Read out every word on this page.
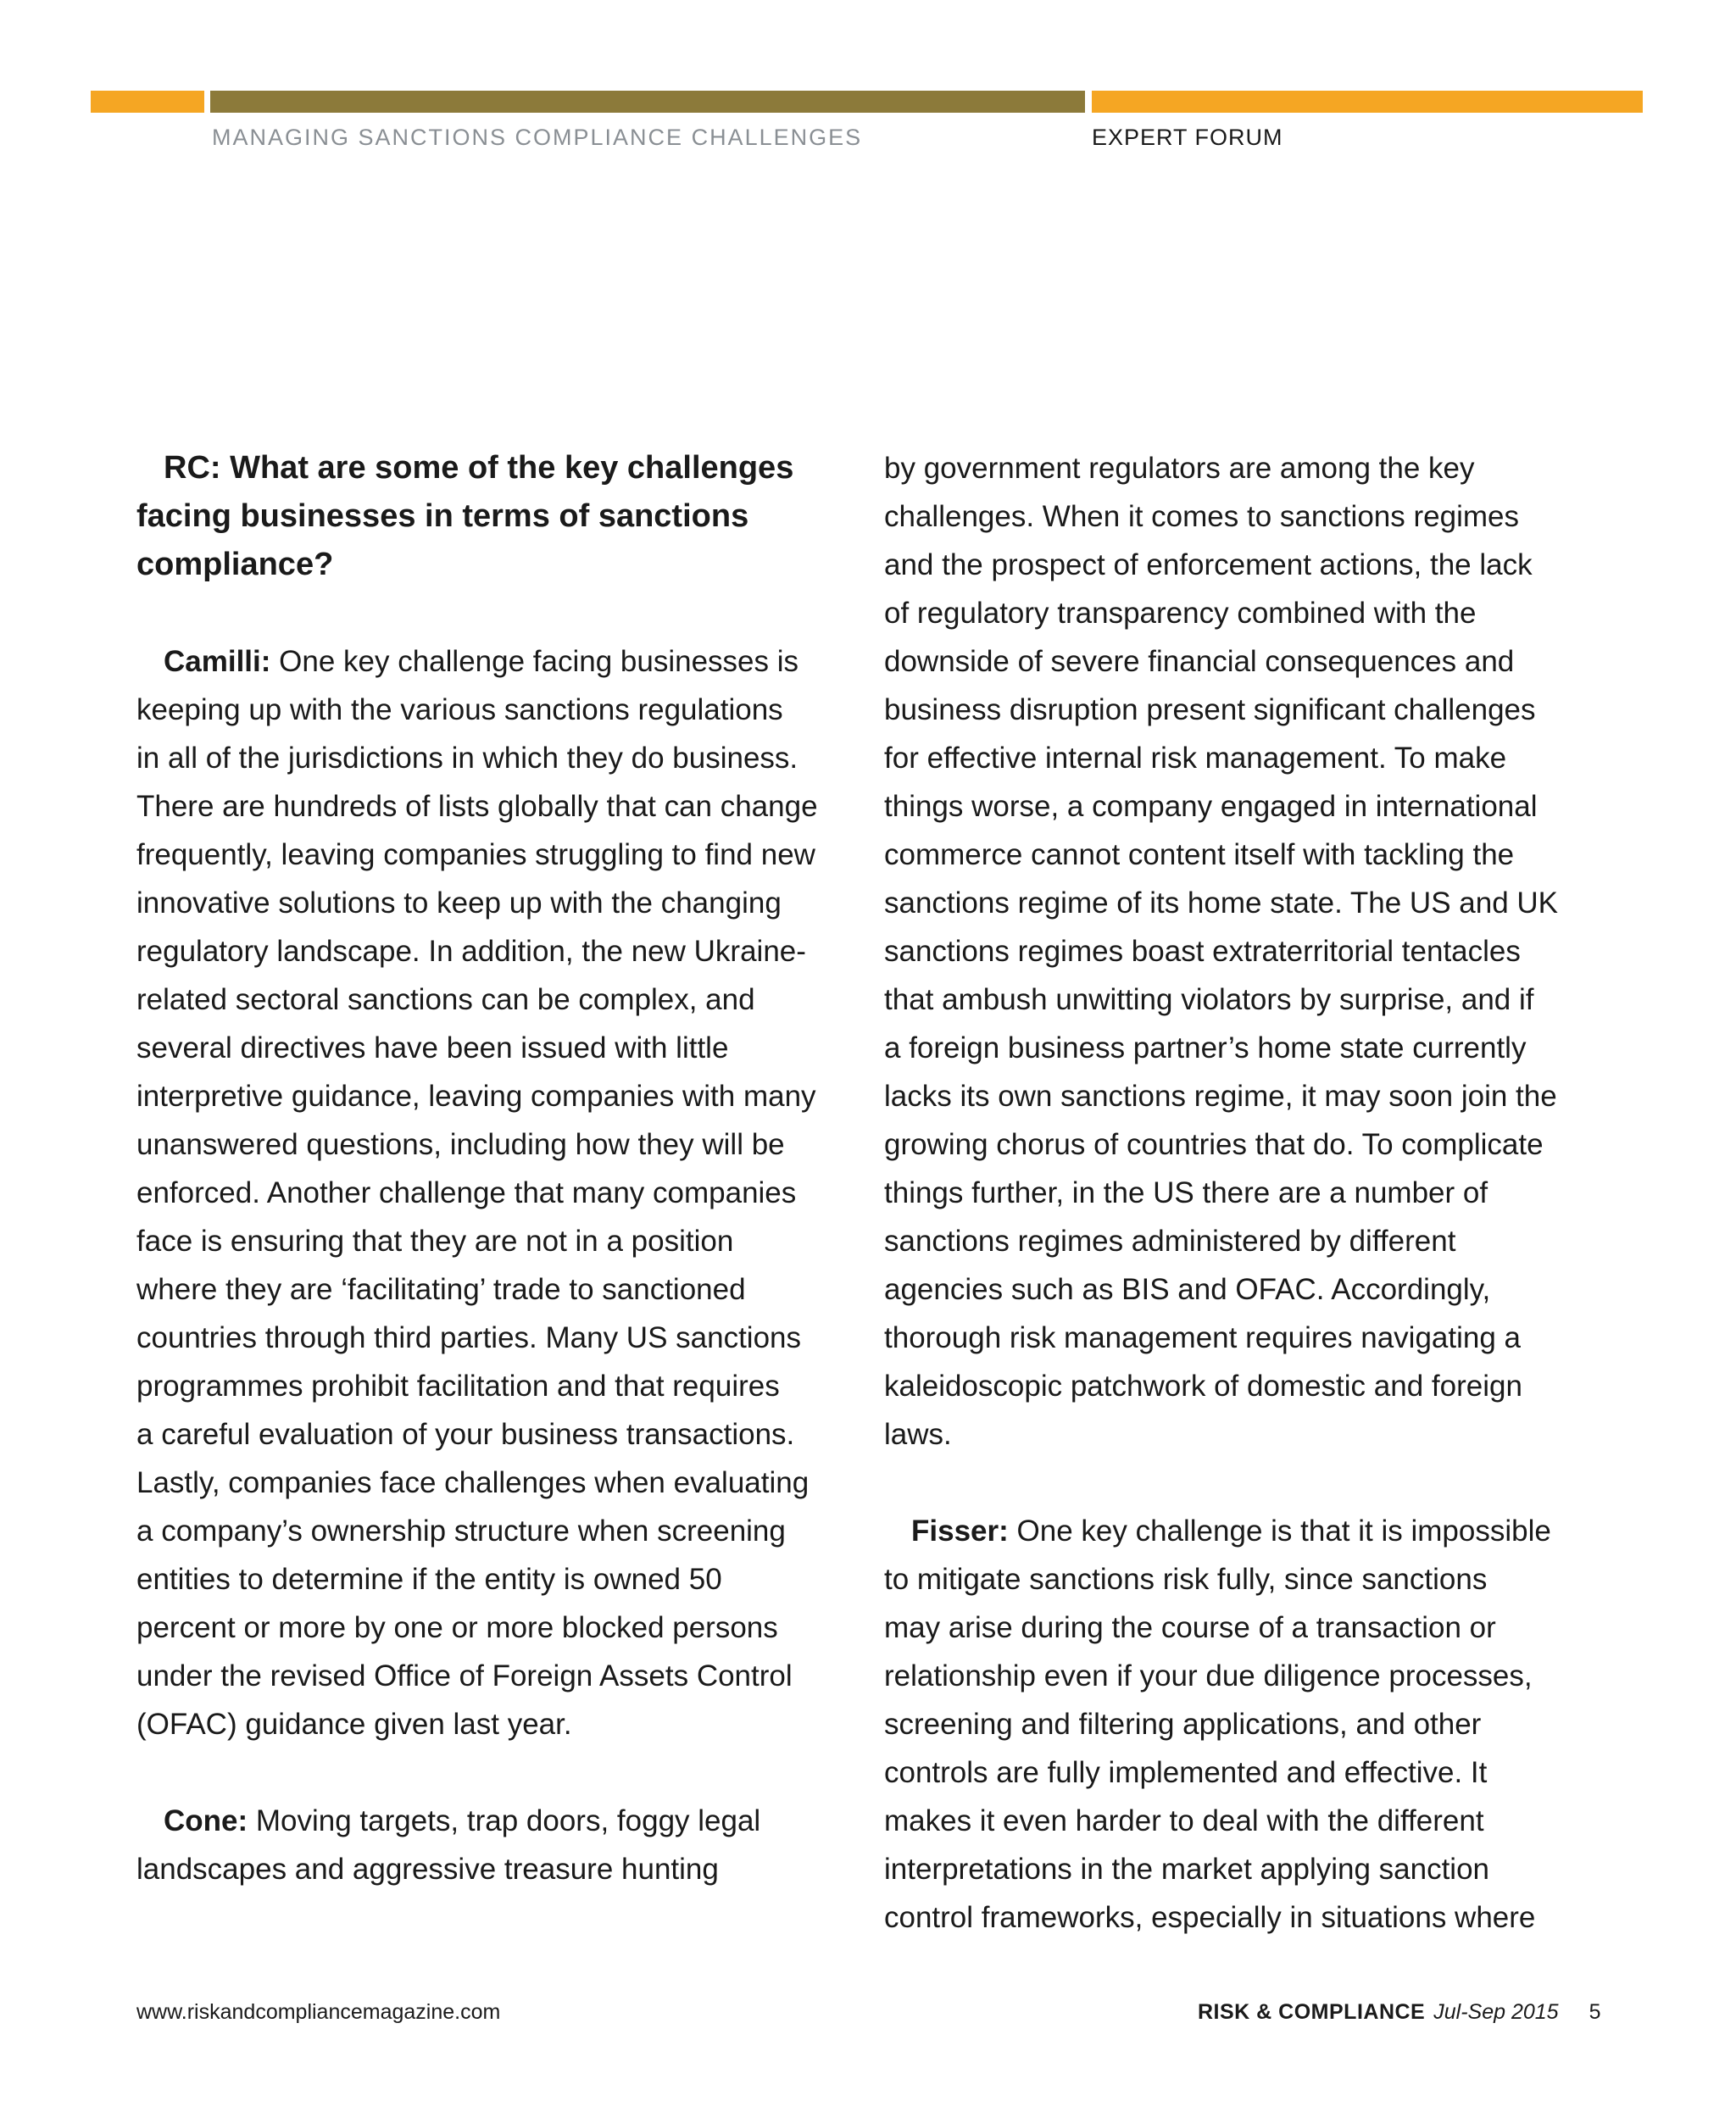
MANAGING SANCTIONS COMPLIANCE CHALLENGES	EXPERT FORUM
RC: What are some of the key challenges
facing businesses in terms of sanctions
compliance?
Camilli: One key challenge facing businesses is
keeping up with the various sanctions regulations
in all of the jurisdictions in which they do business.
There are hundreds of lists globally that can change
frequently, leaving companies struggling to find new
innovative solutions to keep up with the changing
regulatory landscape. In addition, the new Ukraine-
related sectoral sanctions can be complex, and
several directives have been issued with little
interpretive guidance, leaving companies with many
unanswered questions, including how they will be
enforced. Another challenge that many companies
face is ensuring that they are not in a position
where they are ‘facilitating’ trade to sanctioned
countries through third parties. Many US sanctions
programmes prohibit facilitation and that requires
a careful evaluation of your business transactions.
Lastly, companies face challenges when evaluating
a company’s ownership structure when screening
entities to determine if the entity is owned 50
percent or more by one or more blocked persons
under the revised Office of Foreign Assets Control
(OFAC) guidance given last year.
Cone: Moving targets, trap doors, foggy legal
landscapes and aggressive treasure hunting
by government regulators are among the key
challenges. When it comes to sanctions regimes
and the prospect of enforcement actions, the lack
of regulatory transparency combined with the
downside of severe financial consequences and
business disruption present significant challenges
for effective internal risk management. To make
things worse, a company engaged in international
commerce cannot content itself with tackling the
sanctions regime of its home state. The US and UK
sanctions regimes boast extraterritorial tentacles
that ambush unwitting violators by surprise, and if
a foreign business partner’s home state currently
lacks its own sanctions regime, it may soon join the
growing chorus of countries that do. To complicate
things further, in the US there are a number of
sanctions regimes administered by different
agencies such as BIS and OFAC. Accordingly,
thorough risk management requires navigating a
kaleidoscopic patchwork of domestic and foreign
laws.
Fisser: One key challenge is that it is impossible
to mitigate sanctions risk fully, since sanctions
may arise during the course of a transaction or
relationship even if your due diligence processes,
screening and filtering applications, and other
controls are fully implemented and effective. It
makes it even harder to deal with the different
interpretations in the market applying sanction
control frameworks, especially in situations where
www.riskandcompliancemagazine.com	RISK & COMPLIANCE Jul-Sep 2015 5
